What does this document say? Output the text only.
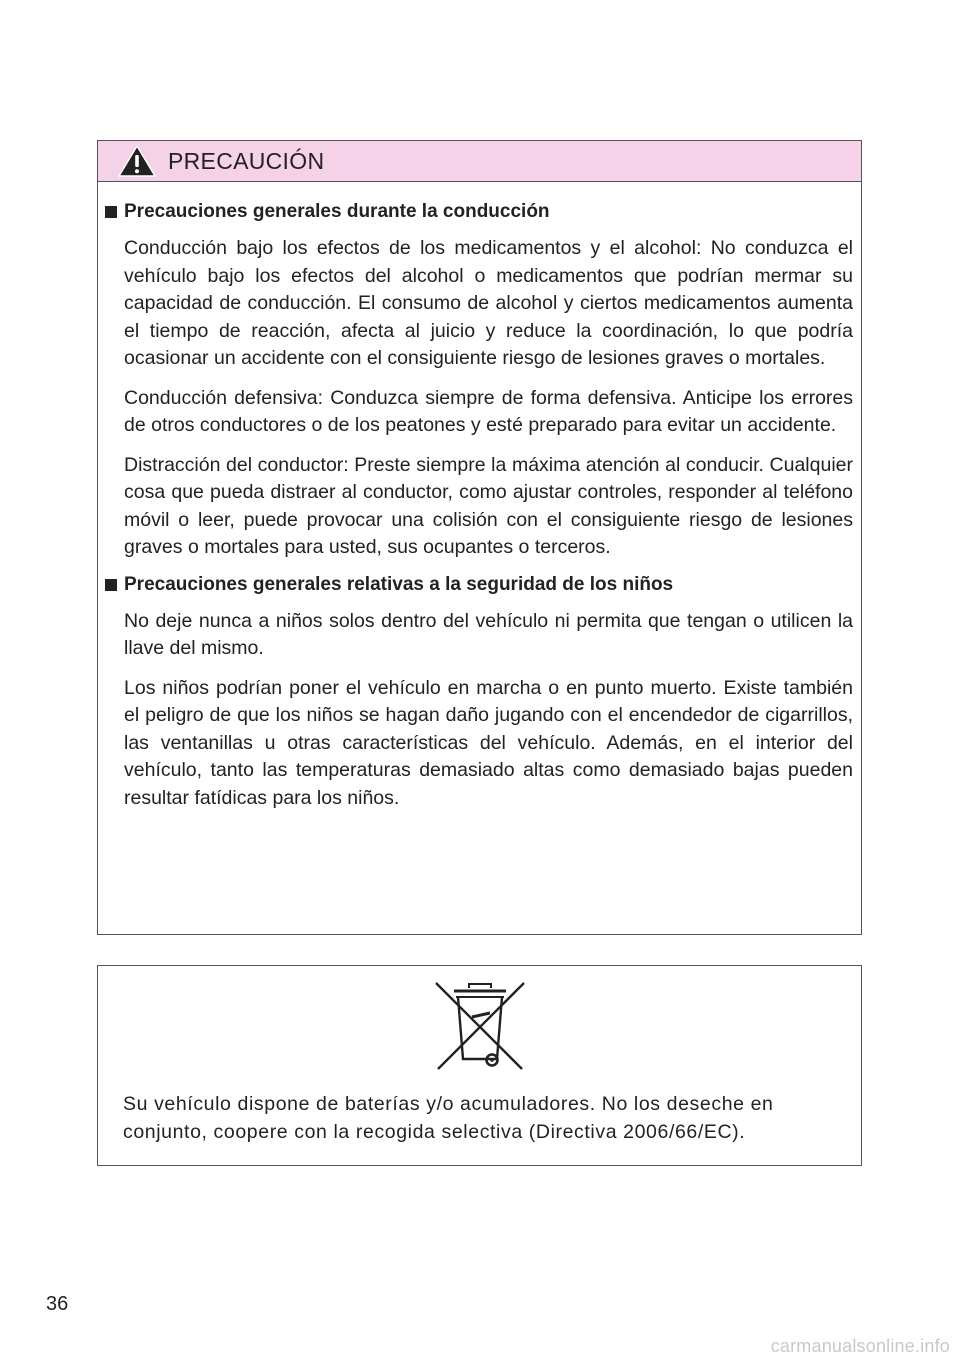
PRECAUCIÓN
Precauciones generales durante la conducción

Conducción bajo los efectos de los medicamentos y el alcohol: No conduzca el vehículo bajo los efectos del alcohol o medicamentos que podrían mermar su capacidad de conducción. El consumo de alcohol y ciertos medicamentos aumenta el tiempo de reacción, afecta al juicio y reduce la coordinación, lo que podría ocasionar un accidente con el consiguiente riesgo de lesiones graves o mortales.

Conducción defensiva: Conduzca siempre de forma defensiva. Anticipe los errores de otros conductores o de los peatones y esté preparado para evitar un accidente.

Distracción del conductor: Preste siempre la máxima atención al conducir. Cualquier cosa que pueda distraer al conductor, como ajustar controles, responder al teléfono móvil o leer, puede provocar una colisión con el consiguiente riesgo de lesiones graves o mortales para usted, sus ocupantes o terceros.

Precauciones generales relativas a la seguridad de los niños

No deje nunca a niños solos dentro del vehículo ni permita que tengan o utilicen la llave del mismo.

Los niños podrían poner el vehículo en marcha o en punto muerto. Existe también el peligro de que los niños se hagan daño jugando con el encendedor de cigarrillos, las ventanillas u otras características del vehículo. Además, en el interior del vehículo, tanto las temperaturas demasiado altas como demasiado bajas pueden resultar fatídicas para los niños.

Su vehículo dispone de baterías y/o acumuladores. No los deseche en
conjunto, coopere con la recogida selectiva (Directiva 2006/66/EC).
36
carmanualsonline.info
